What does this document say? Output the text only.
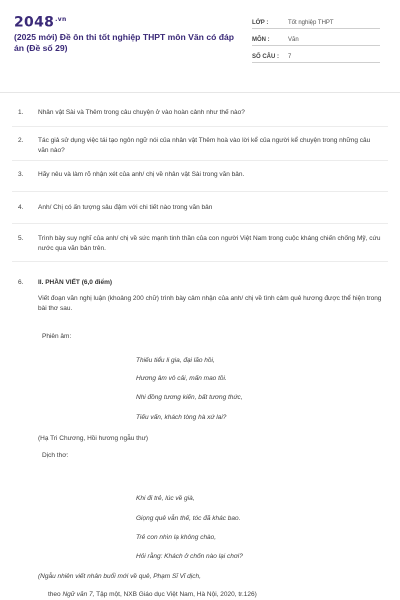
$2048^{.vn}$
(2025 mới) Đề ôn thi tốt nghiệp THPT môn Văn có đáp án (Đề số 29)
LỚP :	Tốt nghiệp THPT
MÔN :	Văn
SỐ CÂU :	7
1.	Nhân vật Sài và Thêm trong câu chuyện ở vào hoàn cảnh như thế nào?
2.	Tác giả sử dụng việc tái tạo ngôn ngữ nói của nhân vật Thêm hoà vào lời kể của người kể chuyện trong những câu văn nào?
3.	Hãy nêu và làm rõ nhận xét của anh/ chị về nhân vật Sài trong văn bản.
4.	Anh/ Chị có ấn tượng sâu đậm với chi tiết nào trong văn bản
5.	Trình bày suy nghĩ của anh/ chị về sức mạnh tinh thần của con người Việt Nam trong cuộc kháng chiến chống Mỹ, cứu nước qua văn bản trên.
6.	II. PHẦN VIẾT (6,0 điểm)
Viết đoạn văn nghị luận (khoảng 200 chữ) trình bày cảm nhận của anh/ chị về tình cảm quê hương được thể hiện trong bài thơ sau.
Phiên âm:
Thiếu tiểu li gia, đại lão hồi,
Hương âm vô cải, mấn mao tồi.
Nhi đồng tương kiến, bất tương thức,
Tiếu vấn, khách tòng hà xứ lai?
(Hạ Tri Chương, Hồi hương ngẫu thư)
Dịch thơ:
Khi đi trẻ, lúc về già,
Giọng quê vẫn thế, tóc đã khác bao.
Trẻ con nhìn lạ không chào,
Hỏi rằng: Khách ở chốn nào lại chơi?
(Ngẫu nhiên viết nhân buổi mới về quê, Phạm Sĩ Vĩ dịch,
theo Ngữ văn 7, Tập một, NXB Giáo dục Việt Nam, Hà Nội, 2020, tr.126)
